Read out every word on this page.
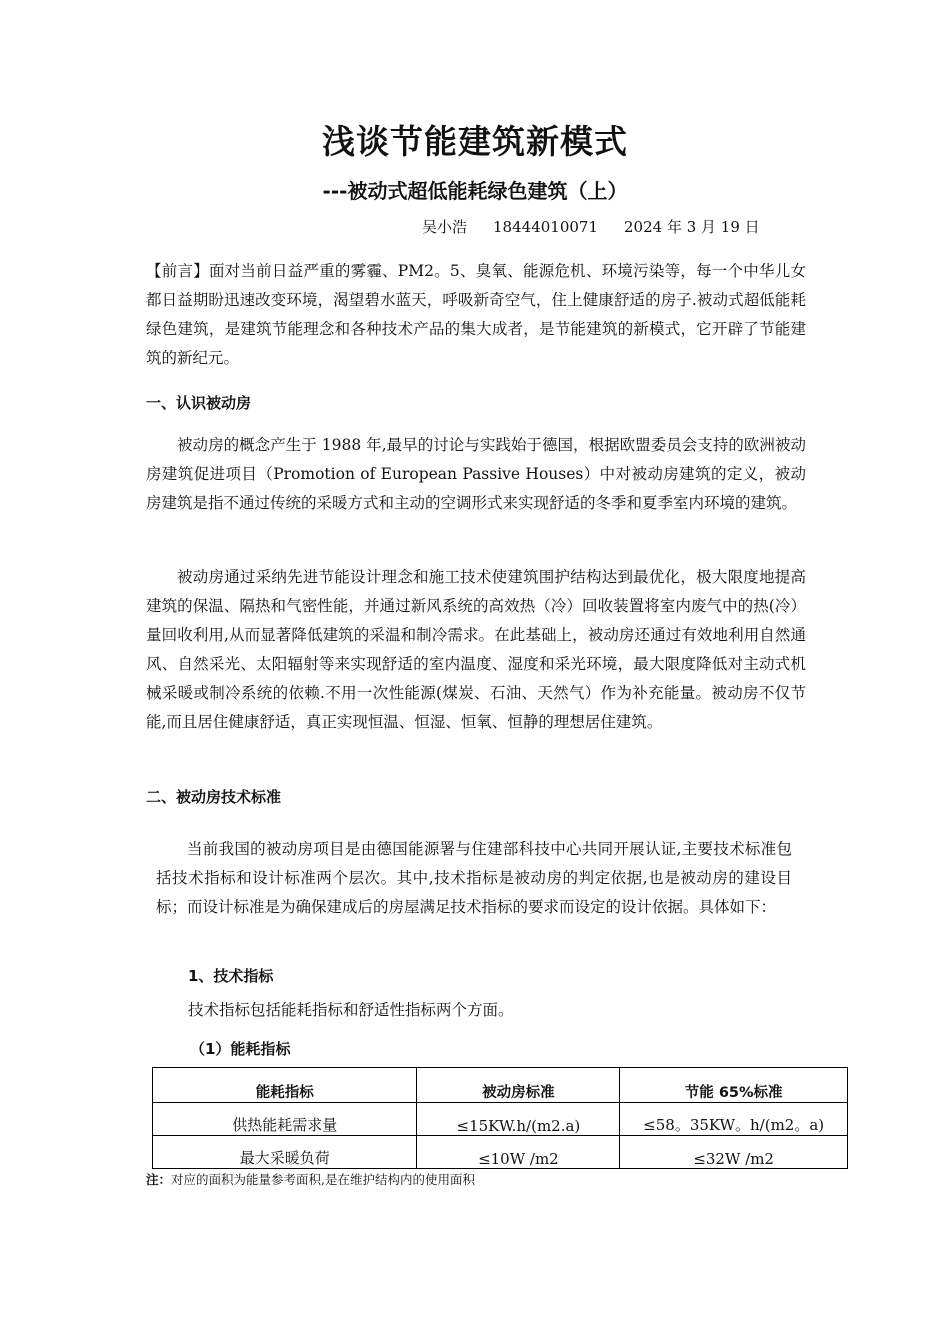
浅谈节能建筑新模式
---被动式超低能耗绿色建筑（上）
吴小浩 18444010071 2024 年 3 月 19 日

【前言】面对当前日益严重的雾霾、PM2。5、臭氧、能源危机、环境污染等，每一个中华儿女都日益期盼迅速改变环境，渴望碧水蓝天，呼吸新奇空气，住上健康舒适的房子.被动式超低能耗绿色建筑，是建筑节能理念和各种技术产品的集大成者，是节能建筑的新模式，它开辟了节能建筑的新纪元。

一、认识被动房

被动房的概念产生于 1988 年,最早的讨论与实践始于德国，根据欧盟委员会支持的欧洲被动房建筑促进项目（Promotion of European Passive Houses）中对被动房建筑的定义，被动房建筑是指不通过传统的采暖方式和主动的空调形式来实现舒适的冬季和夏季室内环境的建筑。

被动房通过采纳先进节能设计理念和施工技术使建筑围护结构达到最优化，极大限度地提高建筑的保温、隔热和气密性能，并通过新风系统的高效热（冷）回收装置将室内废气中的热(冷）量回收利用,从而显著降低建筑的采温和制冷需求。在此基础上，被动房还通过有效地利用自然通风、自然采光、太阳辐射等来实现舒适的室内温度、湿度和采光环境，最大限度降低对主动式机械采暖或制冷系统的依赖.不用一次性能源(煤炭、石油、天然气）作为补充能量。被动房不仅节能,而且居住健康舒适，真正实现恒温、恒湿、恒氧、恒静的理想居住建筑。

二、被动房技术标准

当前我国的被动房项目是由德国能源署与住建部科技中心共同开展认证,主要技术标准包括技术指标和设计标准两个层次。其中,技术指标是被动房的判定依据,也是被动房的建设目标；而设计标准是为确保建成后的房屋满足技术指标的要求而设定的设计依据。具体如下：

1、技术指标
技术指标包括能耗指标和舒适性指标两个方面。
（1）能耗指标
能耗指标	被动房标准	节能 65%标准
供热能耗需求量	≤15KW.h/(m2.a)	≤58。35KW。h/(m2。a)
最大采暖负荷	≤10W /m2	≤32W /m2
注：对应的面积为能量参考面积,是在维护结构内的使用面积
